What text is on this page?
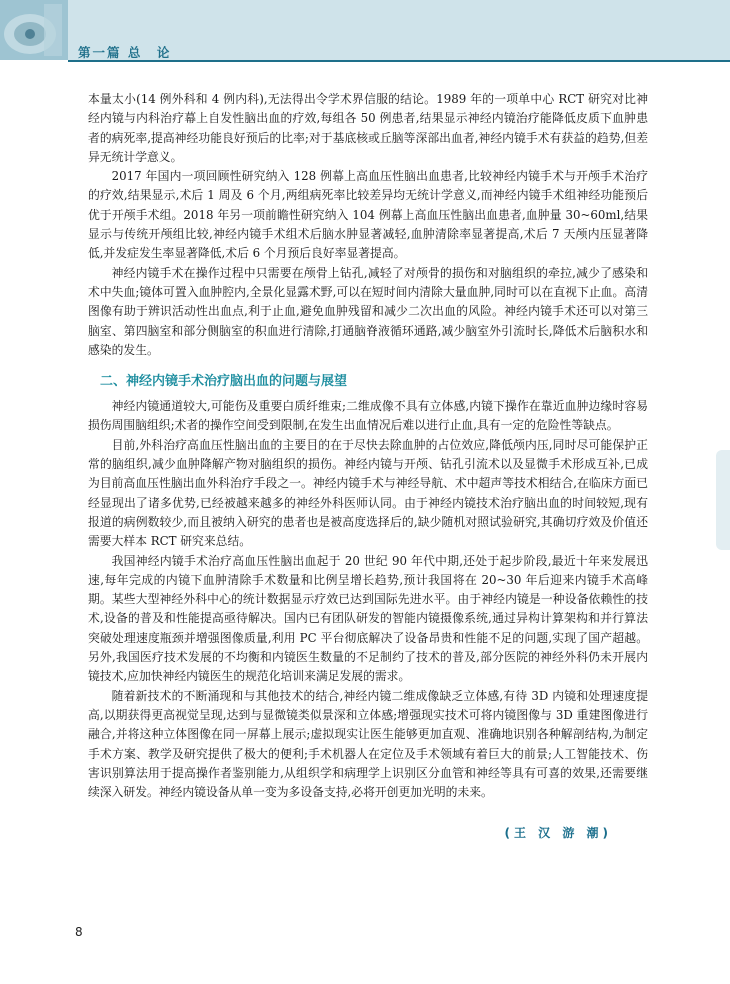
第一篇 总　论

本量太小(14 例外科和 4 例内科),无法得出令学术界信服的结论。1989 年的一项单中心 RCT 研究对比神经内镜与内科治疗幕上自发性脑出血的疗效,每组各 50 例患者,结果显示神经内镜治疗能降低皮质下血肿患者的病死率,提高神经功能良好预后的比率;对于基底核或丘脑等深部出血者,神经内镜手术有获益的趋势,但差异无统计学意义。

2017 年国内一项回顾性研究纳入 128 例幕上高血压性脑出血患者,比较神经内镜手术与开颅手术治疗的疗效,结果显示,术后 1 周及 6 个月,两组病死率比较差异均无统计学意义,而神经内镜手术组神经功能预后优于开颅手术组。2018 年另一项前瞻性研究纳入 104 例幕上高血压性脑出血患者,血肿量 30~60ml,结果显示与传统开颅组比较,神经内镜手术组术后脑水肿显著减轻,血肿清除率显著提高,术后 7 天颅内压显著降低,并发症发生率显著降低,术后 6 个月预后良好率显著提高。

神经内镜手术在操作过程中只需要在颅骨上钻孔,减轻了对颅骨的损伤和对脑组织的牵拉,减少了感染和术中失血;镜体可置入血肿腔内,全景化显露术野,可以在短时间内清除大量血肿,同时可以在直视下止血。高清图像有助于辨识活动性出血点,利于止血,避免血肿残留和减少二次出血的风险。神经内镜手术还可以对第三脑室、第四脑室和部分侧脑室的积血进行清除,打通脑脊液循环通路,减少脑室外引流时长,降低术后脑积水和感染的发生。

二、神经内镜手术治疗脑出血的问题与展望

神经内镜通道较大,可能伤及重要白质纤维束;二维成像不具有立体感,内镜下操作在靠近血肿边缘时容易损伤周围脑组织;术者的操作空间受到限制,在发生出血情况后难以进行止血,具有一定的危险性等缺点。

目前,外科治疗高血压性脑出血的主要目的在于尽快去除血肿的占位效应,降低颅内压,同时尽可能保护正常的脑组织,减少血肿降解产物对脑组织的损伤。神经内镜与开颅、钻孔引流术以及显微手术形成互补,已成为目前高血压性脑出血外科治疗手段之一。神经内镜手术与神经导航、术中超声等技术相结合,在临床方面已经显现出了诸多优势,已经被越来越多的神经外科医师认同。由于神经内镜技术治疗脑出血的时间较短,现有报道的病例数较少,而且被纳入研究的患者也是被高度选择后的,缺少随机对照试验研究,其确切疗效及价值还需要大样本 RCT 研究来总结。

我国神经内镜手术治疗高血压性脑出血起于 20 世纪 90 年代中期,还处于起步阶段,最近十年来发展迅速,每年完成的内镜下血肿清除手术数量和比例呈增长趋势,预计我国将在 20~30 年后迎来内镜手术高峰期。某些大型神经外科中心的统计数据显示疗效已达到国际先进水平。由于神经内镜是一种设备依赖性的技术,设备的普及和性能提高亟待解决。国内已有团队研发的智能内镜摄像系统,通过异构计算架构和并行算法突破处理速度瓶颈并增强图像质量,利用 PC 平台彻底解决了设备昂贵和性能不足的问题,实现了国产超越。另外,我国医疗技术发展的不均衡和内镜医生数量的不足制约了技术的普及,部分医院的神经外科仍未开展内镜技术,应加快神经内镜医生的规范化培训来满足发展的需求。

随着新技术的不断涌现和与其他技术的结合,神经内镜二维成像缺乏立体感,有待 3D 内镜和处理速度提高,以期获得更高视觉呈现,达到与显微镜类似景深和立体感;增强现实技术可将内镜图像与 3D 重建图像进行融合,并将这种立体图像在同一屏幕上展示;虚拟现实让医生能够更加直观、准确地识别各种解剖结构,为制定手术方案、教学及研究提供了极大的便利;手术机器人在定位及手术领域有着巨大的前景;人工智能技术、伤害识别算法用于提高操作者鉴别能力,从组织学和病理学上识别区分血管和神经等具有可喜的效果,还需要继续深入研发。神经内镜设备从单一变为多设备支持,必将开创更加光明的未来。

(王 汉 游 潮)
8
